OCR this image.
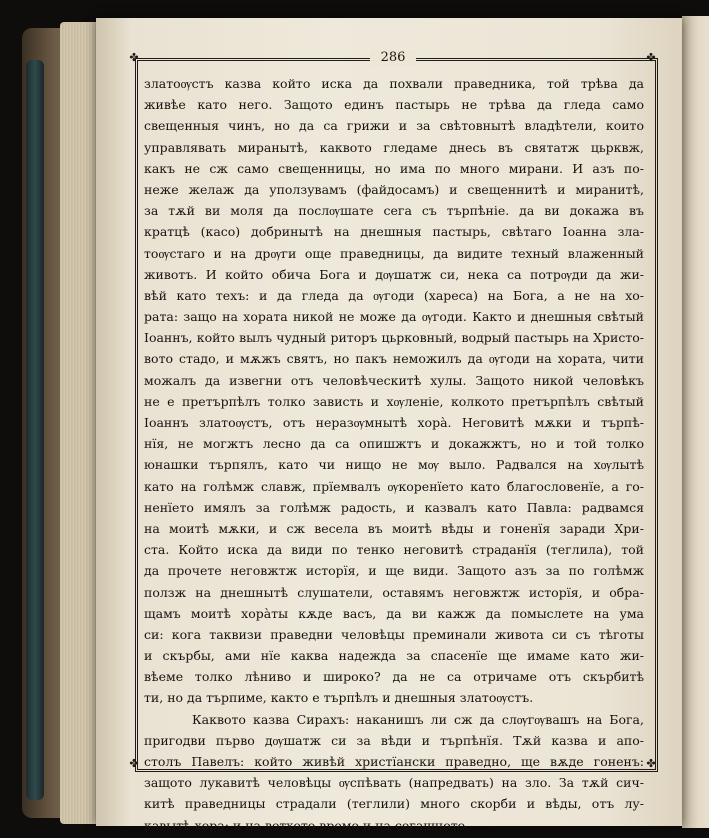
✤	✤
✤	✤
286
златоѹстъ казва който иска да похвали праведника, той трѣва да
живѣе като него. Защото единъ пастырь не трѣва да гледа само
свещенныя чинъ, но да са грижи и за свѣтовнытѣ владѣтели, които
управлявать миранытѣ, каквото гледаме днесь въ святатж цьрквж,
какъ не сж само свещенницы, но има по много мирани. И азъ по-
неже желаж да уползувамъ (файдосамъ) и свещеннитѣ и миранитѣ,
за тѫй ви моля да послѹшате сега съ търпѣніе. да ви докажа въ
кратцѣ (касо) добринытѣ на днешныя пастырь, свѣтаго Іоанна зла-
тоѹстаго и на дрѹги още праведницы, да видите техный влаженный
животъ. И който обича Бога и дѹшатж си, нека са потрѹди да жи-
вѣй като техъ: и да гледа да ѹгоди (хареса) на Бога, а не на хо-
рата: защо на хората никой не може да ѹгоди. Както и днешныя свѣтый
Іоаннъ, който вылъ чудный риторъ цьрковный, водрый пастырь на Христо-
вото стадо, и мѫжъ святъ, но пакъ неможилъ да ѹгоди на хората, чити
можалъ да извегни отъ человѣческитѣ хулы. Защото никой человѣкъ
не е претърпѣлъ толко зависть и хѹленіе, колкото претърпѣлъ свѣтый
Іоаннъ златоѹстъ, отъ неразѹмнытѣ хорà. Неговитѣ мѫки и търпѣ-
нїя, не могжтъ лесно да са опишжтъ и докажжтъ, но и той толко
юнашки търпялъ, като чи нищо не мѹ выло. Радвался на хѹлытѣ
като на голѣмж славж, прїемвалъ ѹкоренїето като благословенїе, а го-
ненїето имялъ за голѣмж радость, и казвалъ като Павла: радвамся
на моитѣ мѫки, и сж весела въ моитѣ вѣды и гоненїя заради Хри-
ста. Който иска да види по тенко неговитѣ страданїя (теглила), той
да прочете неговжтж исторїя, и ще види. Защото азъ за по голѣмж
ползж на днешнытѣ слушатели, оставямъ неговжтж исторїя, и обра-
щамъ моитѣ хорàты кѫде васъ, да ви кажж да помыслете на ума
си: кога таквизи праведни человѣцы преминали живота си съ тѣготы
и скърбы, ами нїе каква надежда за спасенїе ще имаме като жи-
вѣеме толко лѣниво и широко? да не са отричаме отъ скърбитѣ
ти, но да търпиме, както е търпѣлъ и днешныя златоѹстъ.
Каквото казва Сирахъ: наканишъ ли сж да слѹгѹвашъ на Бога,
пригодви първо дѹшатж си за вѣди и търпѣнїя. Тѫй казва и апо-
столъ Павелъ: който живѣй христїански праведно, ще вѫде гоненъ:
защото лукавитѣ человѣцы ѹспѣвать (напредвать) на зло. За тѫй сич-
китѣ праведницы страдали (теглили) много скорби и вѣды, отъ лу-
кавытѣ хора: и на ветхото време и на сегашното.
